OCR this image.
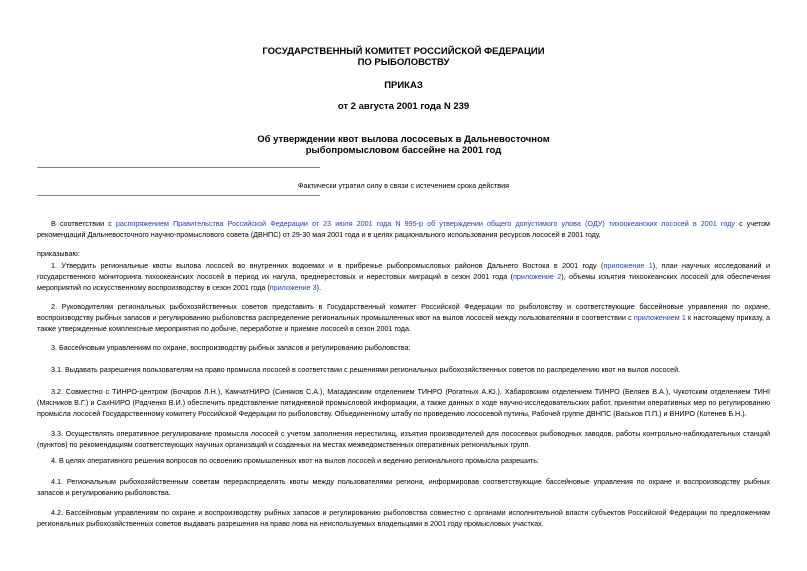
ГОСУДАРСТВЕННЫЙ КОМИТЕТ РОССИЙСКОЙ ФЕДЕРАЦИИ
ПО РЫБОЛОВСТВУ
ПРИКАЗ
от 2 августа 2001 года N 239
Об утверждении квот вылова лососевых в Дальневосточном
рыбопромысловом бассейне на 2001 год
Фактически утратил силу в связи с истечением срока действия
В соответствии с распоряжением Правительства Российской Федерации от 23 июля 2001 года N 995-р об утверждении общего допустимого улова (ОДУ) тихоокеанских лососей в 2001 году с учетом
рекомендаций Дальневосточного научно-промыслового совета (ДВНПС) от 29-30 мая 2001 года и в целях рационального использования ресурсов лососей в 2001 году,
приказываю:
1. Утвердить региональные квоты вылова лососей во внутренних водоемах и в прибрежье рыбопромысловых районов Дальнего Востока в 2001 году (приложение 1), план научных исследований и
государственного мониторинга тихоокеанских лососей в период их нагула, преднерестовых и нерестовых миграций в сезон 2001 года (приложение 2), объемы изъятия тихоокеанских лососей для обеспечения
мероприятий по искусственному воспроизводству в сезон 2001 года (приложение 3).
2. Руководителям региональных рыбохозяйственных советов представить в Государственный комитет Российской Федерации по рыболовству и соответствующие бассейновые управления по охране,
воспроизводству рыбных запасов и регулированию рыболовства распределение региональных промышленных квот на вылов лососей между пользователями в соответствии с приложением 1 к настоящему приказу, а
также утвержденные комплексные мероприятия по добыче, переработке и приемке лососей в сезон 2001 года.
3. Бассейновым управлениям по охране, воспроизводству рыбных запасов и регулированию рыболовства:
3.1. Выдавать разрешения пользователям на право промысла лососей в соответствии с решениями региональных рыбохозяйственных советов по распределению квот на вылов лососей.
3.2. Совместно с ТИНРО-центром (Бочаров Л.Н.), КамчатНИРО (Синяков С.А.), Магаданским отделением ТИНРО (Рогатных А.Ю.), Хабаровским отделением ТИНРО (Беляев В.А.), Чукотским отделением ТИНІ
(Мясников В.Г.) и СахНИРО (Радченко В.И.) обеспечить представление пятидневной промысловой информации, а также данных о ходе научно-исследовательских работ, принятии оперативных мер по регулированию
промысла лососей Государственному комитету Российской Федерации по рыболовству. Объединенному штабу по проведению лососевой путины, Рабочей группе ДВНПС (Васьков П.П.) и ВНИРО (Котенев Б.Н.).
3.3. Осуществлять оперативное регулирование промысла лососей с учетом заполнения нерестилищ, изъятия производителей для лососевых рыбоводных заводов, работы контрольно-наблюдательных станций
(пунктов) по рекомендациям соответствующих научных организаций и созданных на местах межведомственных оперативных региональных групп.
4. В целях оперативного решения вопросов по освоению промышленных квот на вылов лососей и ведению регионального промысла разрешить:
4.1. Региональным рыбохозяйственным советам перераспределять квоты между пользователями региона, информировав соответствующие бассейновые управления по охране и воспроизводству рыбных
запасов и регулированию рыболовства.
4.2. Бассейновым управлениям по охране и воспроизводству рыбных запасов и регулированию рыболовства совместно с органами исполнительной власти субъектов Российской Федерации по предложениям
региональных рыбохозяйственных советов выдавать разрешения на право лова на неиспользуемых владельцами в 2001 году промысловых участках.
